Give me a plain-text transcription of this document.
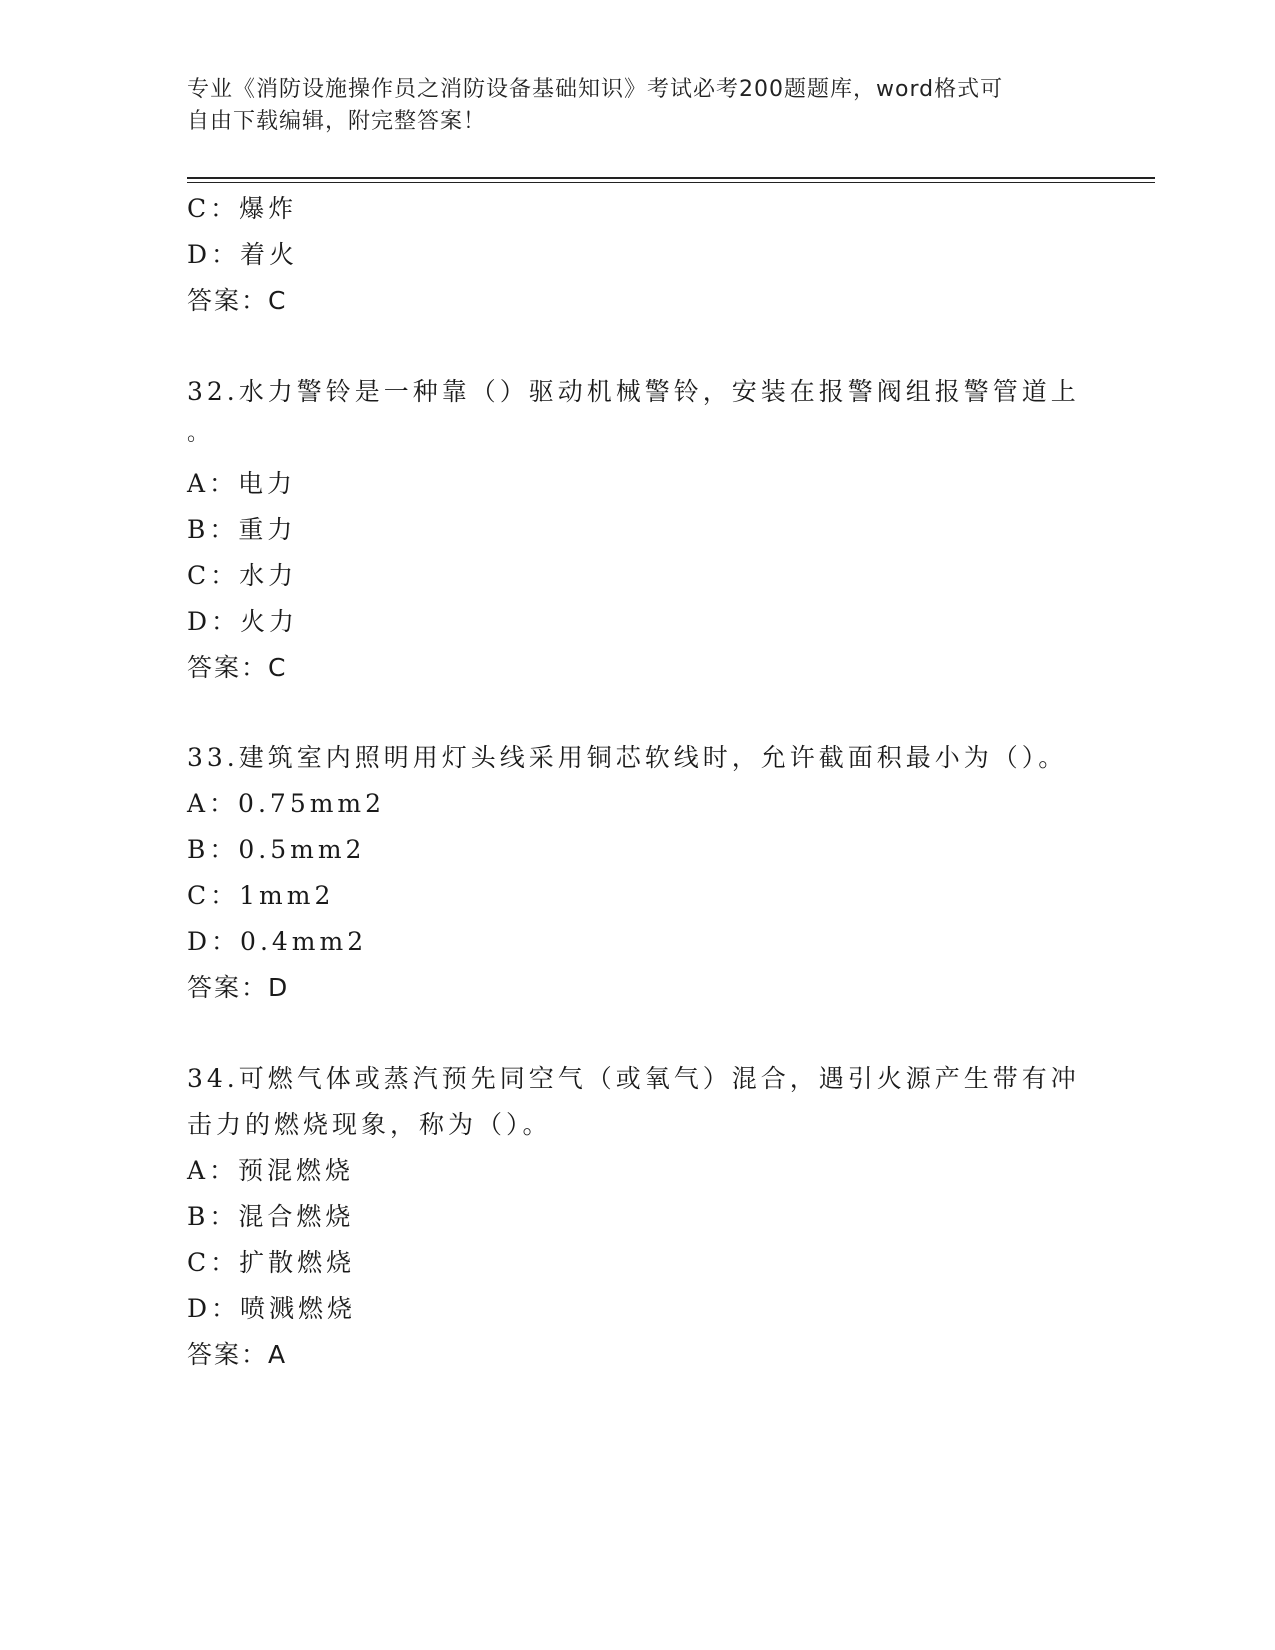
专业《消防设施操作员之消防设备基础知识》考试必考200题题库，word格式可
自由下载编辑，附完整答案！
C：爆炸
D：着火
答案：C
32.水力警铃是一种靠（）驱动机械警铃，安装在报警阀组报警管道上
。
A：电力
B：重力
C：水力
D：火力
答案：C
33.建筑室内照明用灯头线采用铜芯软线时，允许截面积最小为（）。
A：0.75mm2
B：0.5mm2
C：1mm2
D：0.4mm2
答案：D
34.可燃气体或蒸汽预先同空气（或氧气）混合，遇引火源产生带有冲
击力的燃烧现象，称为（）。
A：预混燃烧
B：混合燃烧
C：扩散燃烧
D：喷溅燃烧
答案：A
